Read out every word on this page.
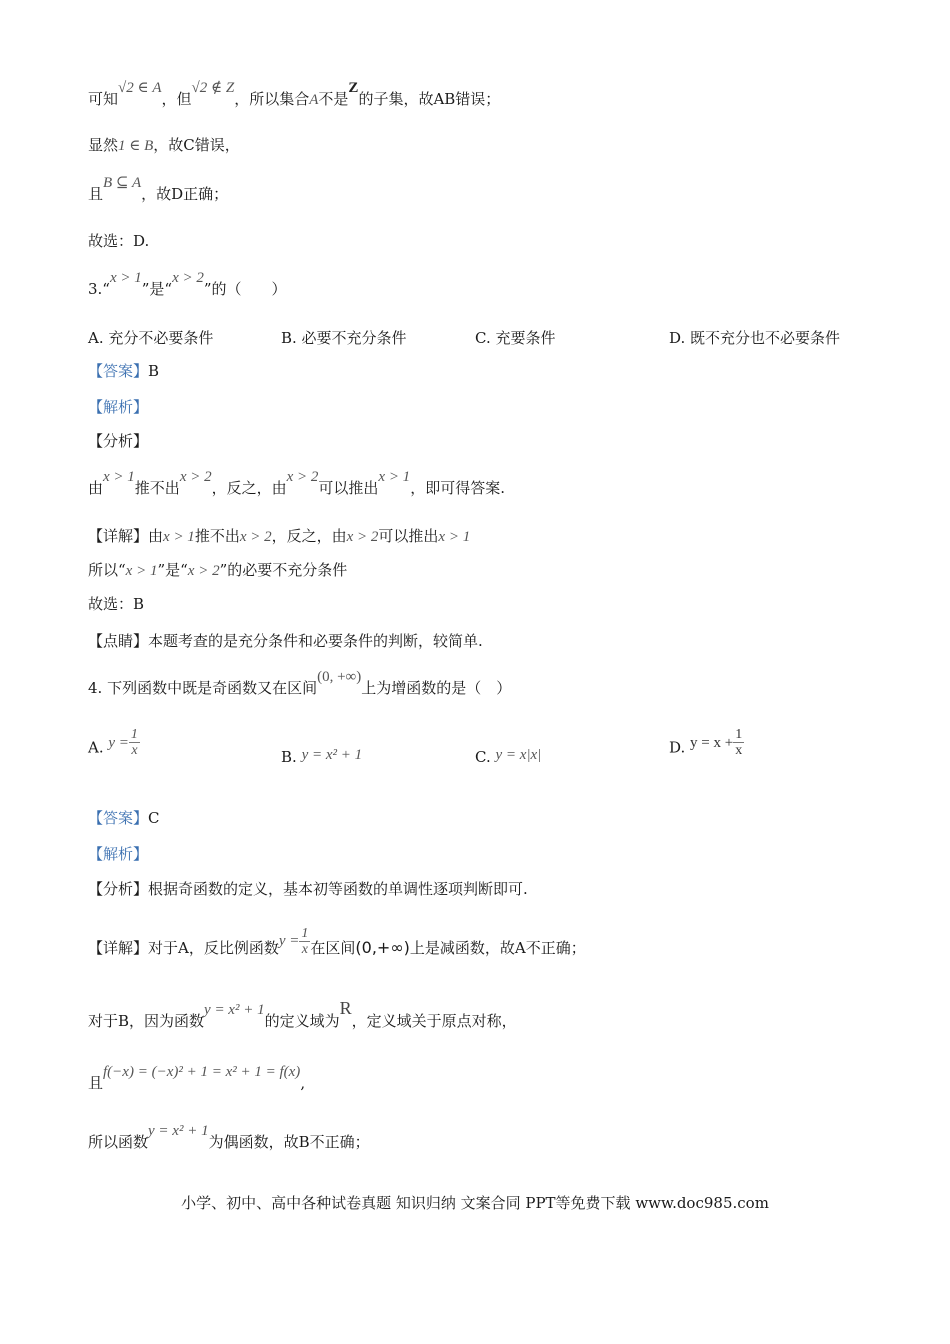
可知√2 ∈ A，但√2 ∉ Z，所以集合A不是Z的子集，故AB错误；
显然1 ∈ B，故C错误，
且B ⊆ A，故D正确；
故选：D.
3.“x > 1”是“x > 2”的（　　）
A. 充分不必要条件	B. 必要不充分条件	C. 充要条件	D. 既不充分也不必要条件
【答案】B
【解析】
【分析】
由x > 1推不出x > 2，反之，由x > 2可以推出x > 1，即可得答案.
【详解】由x > 1推不出x > 2，反之，由x > 2可以推出x > 1
所以“x > 1”是“x > 2”的必要不充分条件
故选：B
【点睛】本题考查的是充分条件和必要条件的判断，较简单.
4. 下列函数中既是奇函数又在区间(0, +∞)上为增函数的是（　）
A. $y = \frac{1}{x}$	B. y = x² + 1	C. y = x|x|	D. $y = x + \frac{1}{x}$
【答案】C
【解析】
【分析】根据奇函数的定义，基本初等函数的单调性逐项判断即可.
【详解】对于A，反比例函数$y = \frac{1}{x}$ 在区间(0,+∞)上是减函数，故A不正确；
对于B，因为函数y = x² + 1的定义域为R，定义域关于原点对称，
且f(−x) = (−x)² + 1 = x² + 1 = f(x),
所以函数y = x² + 1为偶函数，故B不正确；
小学、初中、高中各种试卷真题 知识归纳 文案合同 PPT等免费下载 www.doc985.com
